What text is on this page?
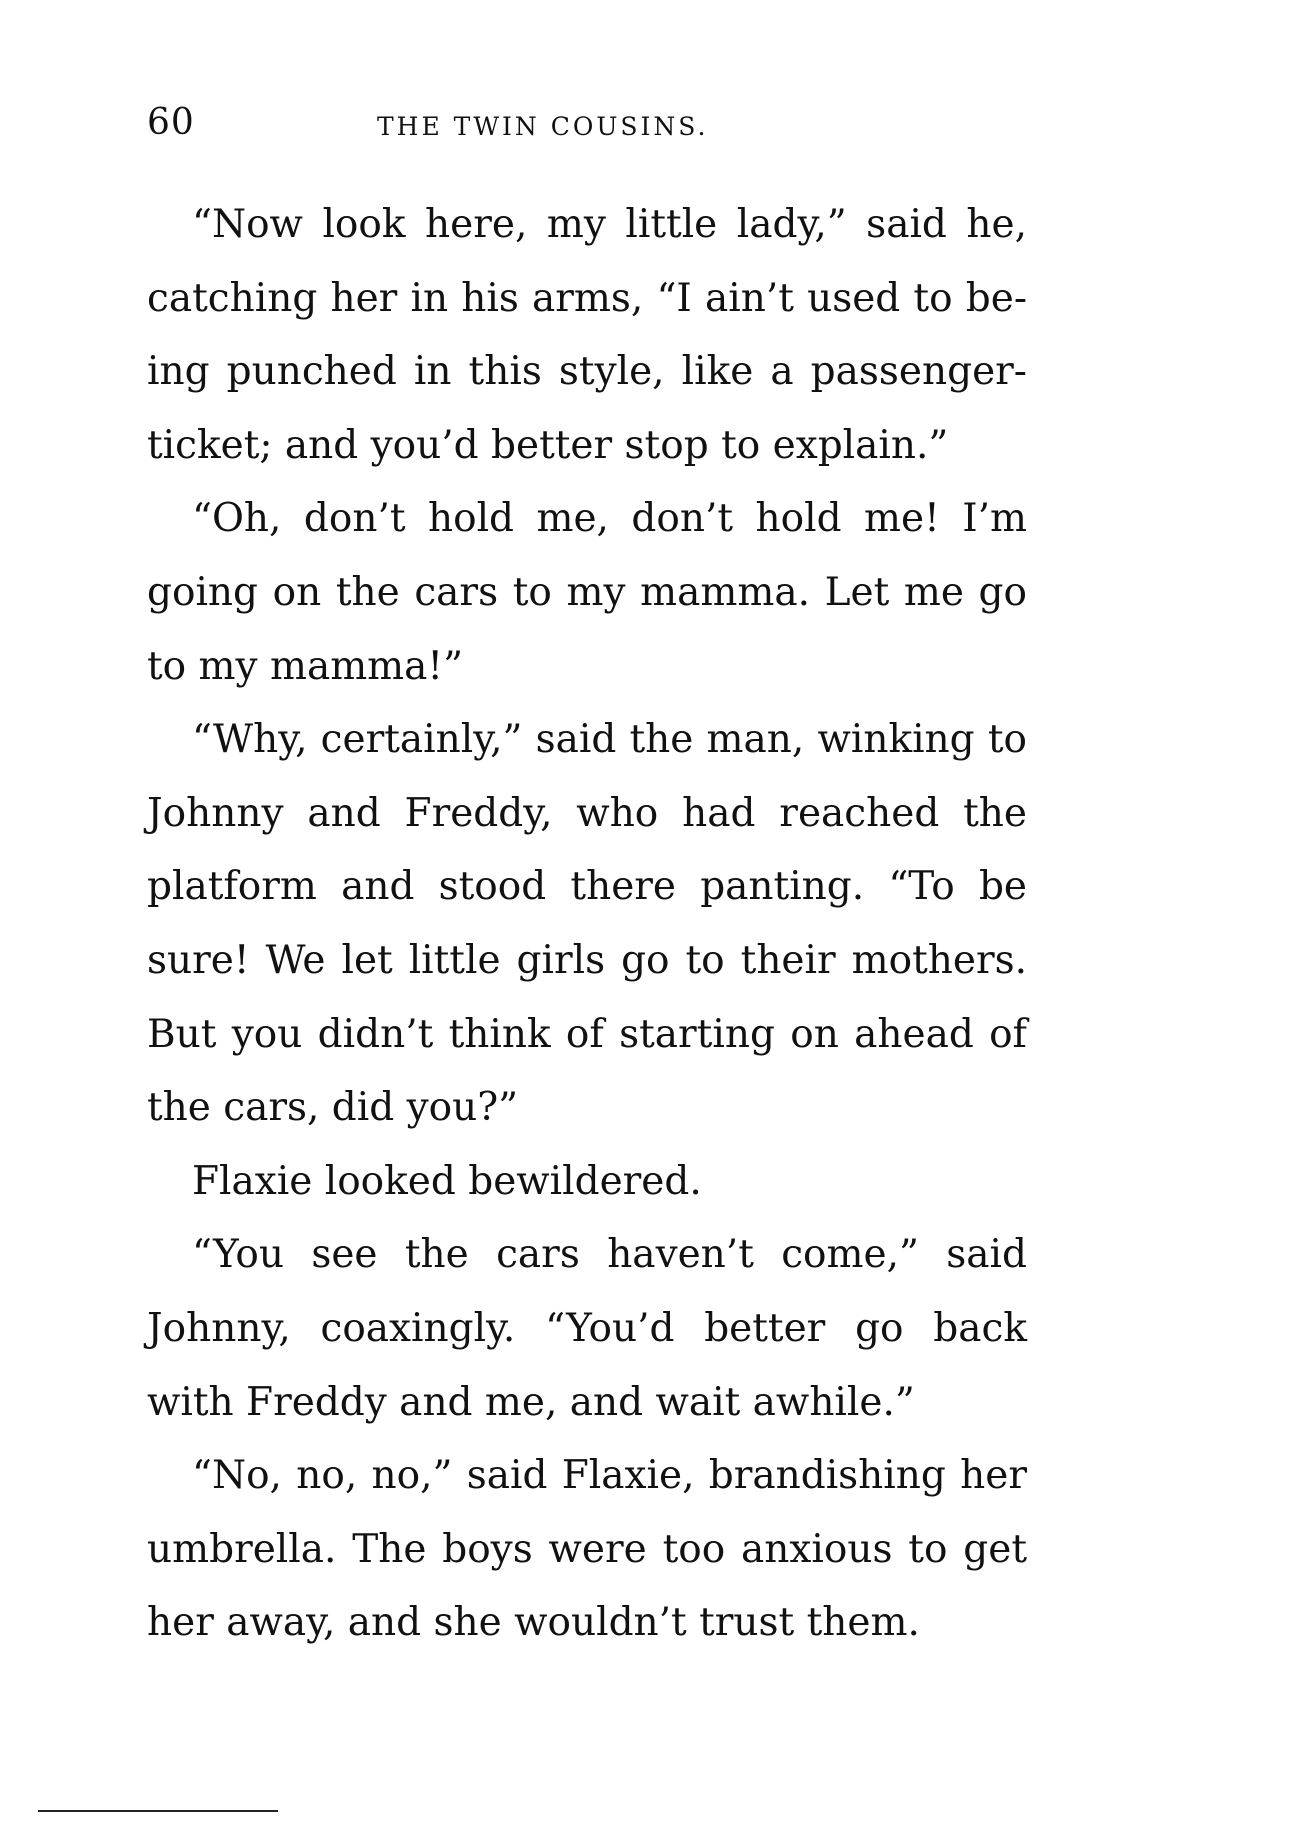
60	THE TWIN COUSINS.

“Now look here, my little lady,” said he, catching her in his arms, “I ain’t used to being punched in this style, like a passenger-ticket; and you’d better stop to explain.”

“Oh, don’t hold me, don’t hold me! I’m going on the cars to my mamma. Let me go to my mamma!”

“Why, certainly,” said the man, winking to Johnny and Freddy, who had reached the platform and stood there panting. “To be sure! We let little girls go to their mothers. But you didn’t think of starting on ahead of the cars, did you?”

Flaxie looked bewildered.

“You see the cars haven’t come,” said Johnny, coaxingly. “You’d better go back with Freddy and me, and wait awhile.”

“No, no, no,” said Flaxie, brandishing her umbrella. The boys were too anxious to get her away, and she wouldn’t trust them.
